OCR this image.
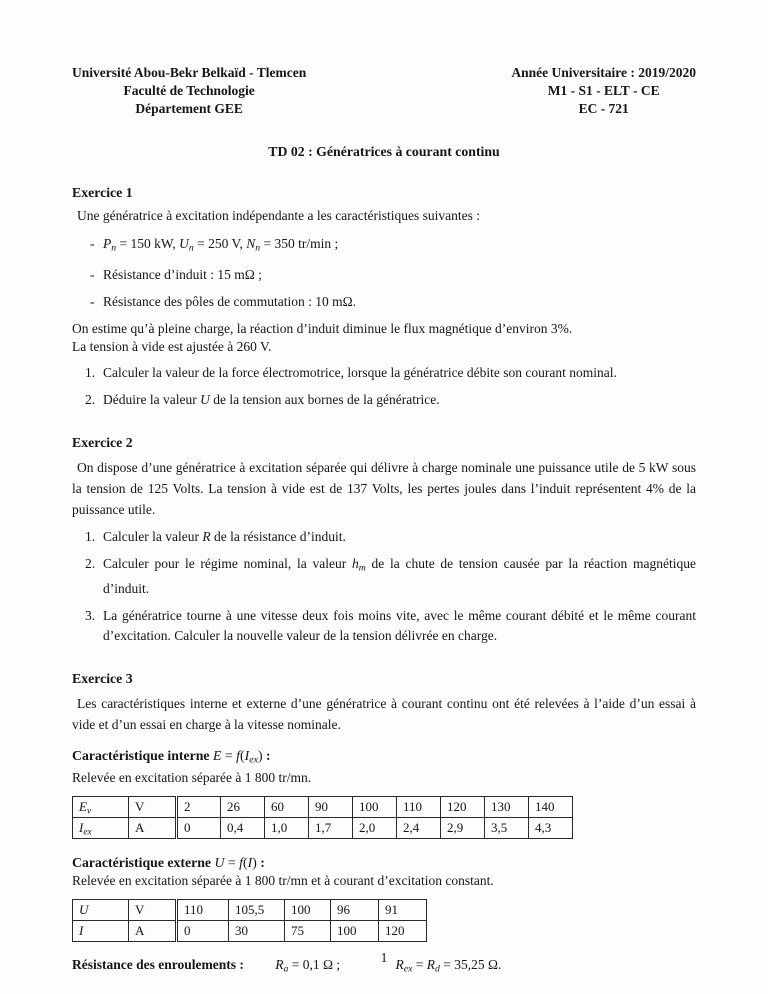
Université Abou-Bekr Belkaïd - Tlemcen
Faculté de Technologie
Département GEE
Année Universitaire : 2019/2020
M1 - S1 - ELT - CE
EC - 721
TD 02 : Génératrices à courant continu
Exercice 1

Une génératrice à excitation indépendante a les caractéristiques suivantes :

- Pn = 150 kW, Un = 250 V, Nn = 350 tr/min ;
- Résistance d’induit : 15 mΩ ;
- Résistance des pôles de commutation : 10 mΩ.

On estime qu’à pleine charge, la réaction d’induit diminue le flux magnétique d’environ 3%.
La tension à vide est ajustée à 260 V.

1. Calculer la valeur de la force électromotrice, lorsque la génératrice débite son courant nominal.
2. Déduire la valeur U de la tension aux bornes de la génératrice.
Exercice 2

On dispose d’une génératrice à excitation séparée qui délivre à charge nominale une puissance utile de 5 kW sous la tension de 125 Volts. La tension à vide est de 137 Volts, les pertes joules dans l’induit représentent 4% de la puissance utile.

1. Calculer la valeur R de la résistance d’induit.
2. Calculer pour le régime nominal, la valeur hm de la chute de tension causée par la réaction magnétique d’induit.
3. La génératrice tourne à une vitesse deux fois moins vite, avec le même courant débité et le même courant d’excitation. Calculer la nouvelle valeur de la tension délivrée en charge.
Exercice 3

Les caractéristiques interne et externe d’une génératrice à courant continu ont été relevées à l’aide d’un essai à vide et d’un essai en charge à la vitesse nominale.

Caractéristique interne E = f(Iex) :
Relevée en excitation séparée à 1 800 tr/mn.
Ev	V	2	26	60	90	100	110	120	130	140
Iex	A	0	0,4	1,0	1,7	2,0	2,4	2,9	3,5	4,3
Caractéristique externe U = f(I) :
Relevée en excitation séparée à 1 800 tr/mn et à courant d’excitation constant.
U	V	110	105,5	100	96	91
I	A	0	30	75	100	120
Résistance des enroulements : Ra = 0,1 Ω ;	Rex = Rd = 35,25 Ω.
1
